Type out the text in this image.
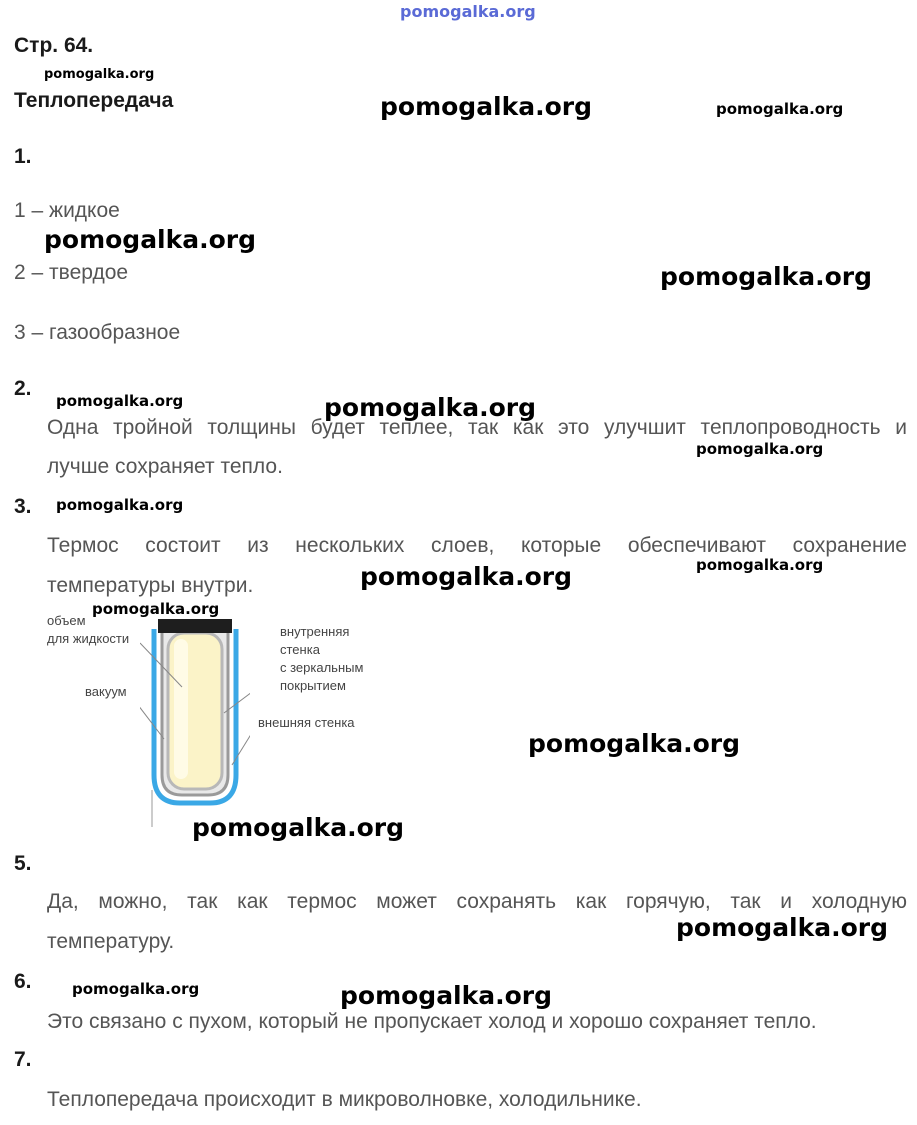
pomogalka.org
Стр. 64.
Теплопередача
1.
1 – жидкое
2 – твердое
3 – газообразное
2.
Одна тройной толщины будет теплее, так как это улучшит теплопроводность и
лучше сохраняет тепло.
3.
Термос состоит из нескольких слоев, которые обеспечивают сохранение
температуры внутри.
объем
для жидкости
вакуум
внутренняя
стенка
с зеркальным
покрытием
внешняя стенка
5.
Да, можно, так как термос может сохранять как горячую, так и холодную
температуру.
6.
Это связано с пухом, который не пропускает холод и хорошо сохраняет тепло.
7.
Теплопередача происходит в микроволновке, холодильнике.
pomogalka.org
pomogalka.org	pomogalka.org
pomogalka.org
pomogalka.org
pomogalka.org	pomogalka.org
pomogalka.org
pomogalka.org
pomogalka.org	pomogalka.org
pomogalka.org
pomogalka.org
pomogalka.org
pomogalka.org
pomogalka.org	pomogalka.org
